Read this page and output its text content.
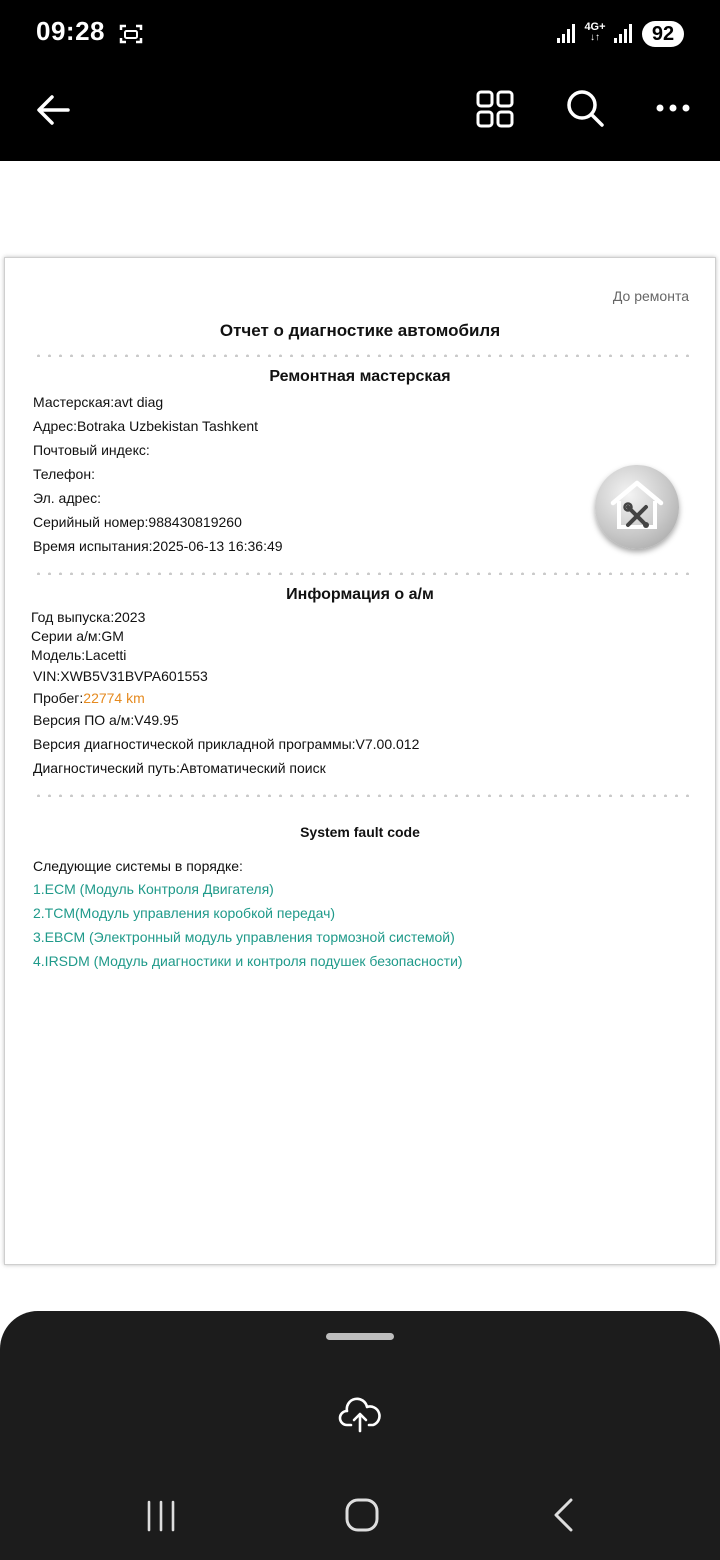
09:28	4G+
↓↑	92
До ремонта
Отчет о диагностике автомобиля
Ремонтная мастерская
Мастерская:avt diag
Адрес:Botraka Uzbekistan Tashkent
Почтовый индекс:
Телефон:
Эл. адрес:
Серийный номер:988430819260
Время испытания:2025-06-13 16:36:49
Информация о а/м
Год выпуска:2023
Серии а/м:GM
Модель:Lacetti
VIN:XWB5V31BVPA601553
Пробег:22774 km
Версия ПО а/м:V49.95
Версия диагностической прикладной программы:V7.00.012
Диагностический путь:Автоматический поиск
System fault code
Следующие системы в порядке:
1.ECM (Модуль Контроля Двигателя)
2.TCM(Модуль управления коробкой передач)
3.EBCM (Электронный модуль управления тормозной системой)
4.IRSDM (Модуль диагностики и контроля подушек безопасности)
